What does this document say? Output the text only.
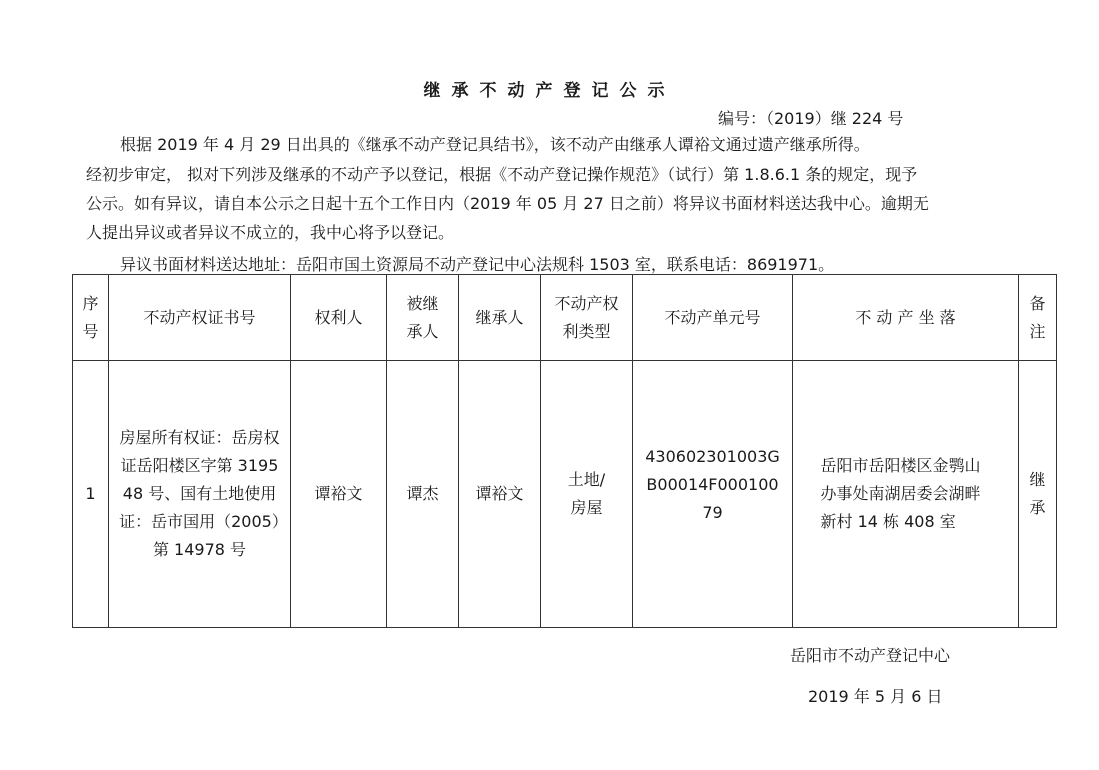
继承不动产登记公示
编号：（2019）继 224 号
根据 2019 年 4 月 29 日出具的《继承不动产登记具结书》，该不动产由继承人谭裕文通过遗产继承所得。
经初步审定， 拟对下列涉及继承的不动产予以登记，根据《不动产登记操作规范》（试行）第 1.8.6.1 条的规定，现予
公示。如有异议，请自本公示之日起十五个工作日内（2019 年 05 月 27 日之前）将异议书面材料送达我中心。逾期无
人提出异议或者异议不成立的，我中心将予以登记。
异议书面材料送达地址：岳阳市国土资源局不动产登记中心法规科 1503 室，联系电话：8691971。
序号	不动产权证书号	权利人	被继承人	继承人	不动产权利类型	不动产单元号	不 动 产 坐 落	备注
1	房屋所有权证：岳房权证岳阳楼区字第 319548 号、国有土地使用证：岳市国用（2005）第 14978 号	谭裕文	谭杰	谭裕文	土地/房屋	430602301003GB00014F00010079	岳阳市岳阳楼区金鹗山办事处南湖居委会湖畔新村 14 栋 408 室	继承
岳阳市不动产登记中心
2019 年 5 月 6 日
